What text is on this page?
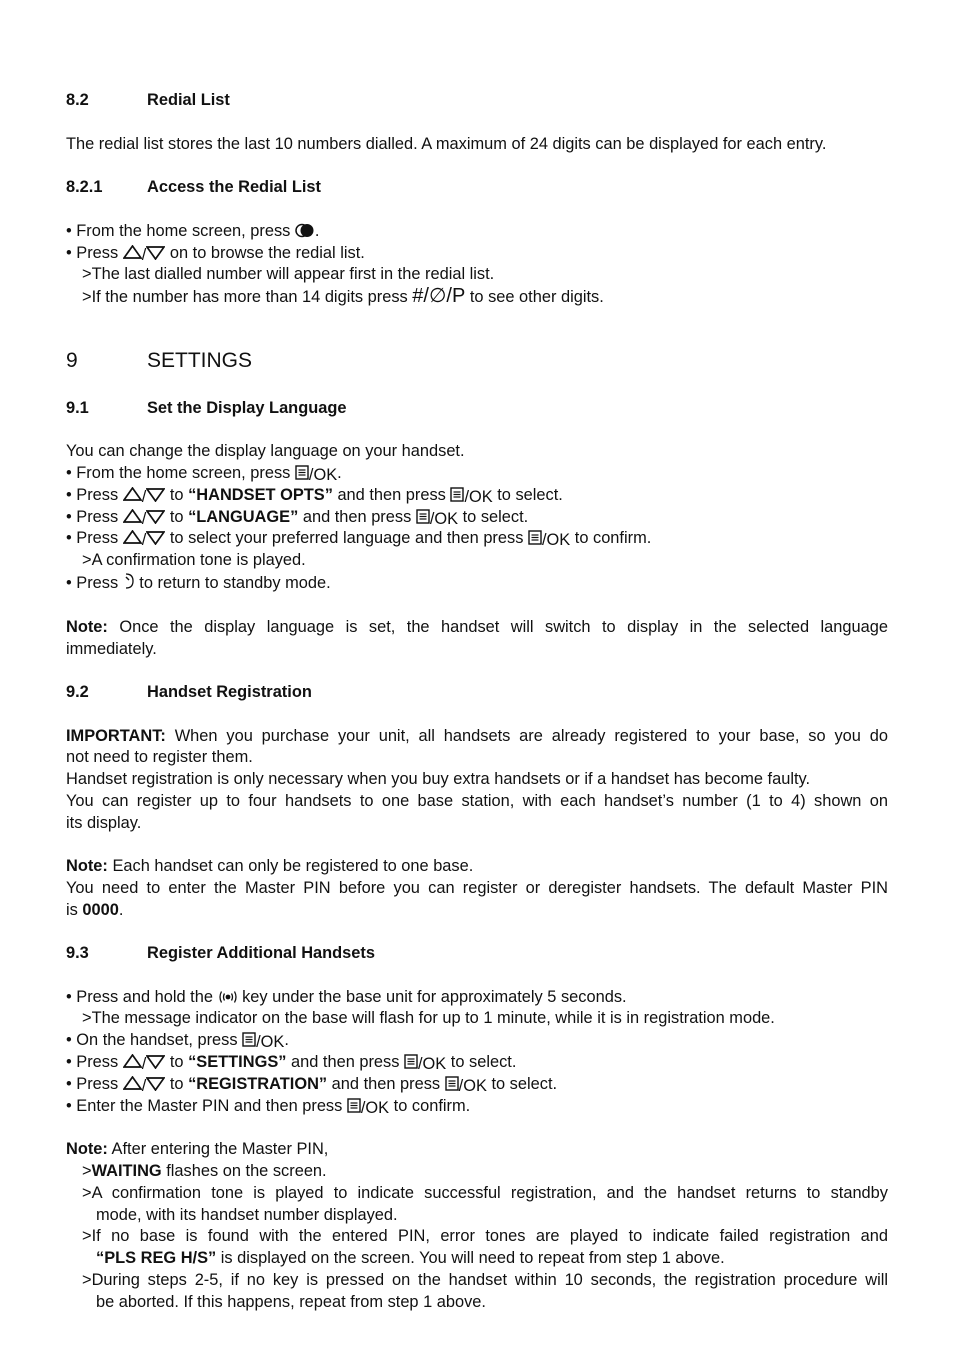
8.2	Redial List
The redial list stores the last 10 numbers dialled. A maximum of 24 digits can be displayed for each entry.
8.2.1	Access the Redial List
• From the home screen, press .
• Press / on to browse the redial list.
>The last dialled number will appear first in the redial list.
>If the number has more than 14 digits press #/∅/P to see other digits.
9	SETTINGS
9.1	Set the Display Language
You can change the display language on your handset.
• From the home screen, press /OK.
• Press / to “HANDSET OPTS” and then press /OK to select.
• Press / to “LANGUAGE” and then press /OK to select.
• Press / to select your preferred language and then press /OK to confirm.
>A confirmation tone is played.
• Press  to return to standby mode.
Note: Once the display language is set, the handset will switch to display in the selected language
immediately.
9.2	Handset Registration
IMPORTANT: When you purchase your unit, all handsets are already registered to your base, so you do
not need to register them.
Handset registration is only necessary when you buy extra handsets or if a handset has become faulty.
You can register up to four handsets to one base station, with each handset’s number (1 to 4) shown on
its display.
Note: Each handset can only be registered to one base.
You need to enter the Master PIN before you can register or deregister handsets. The default Master PIN
is 0000.
9.3	Register Additional Handsets
• Press and hold the  key under the base unit for approximately 5 seconds.
>The message indicator on the base will flash for up to 1 minute, while it is in registration mode.
• On the handset, press /OK.
• Press / to “SETTINGS” and then press /OK to select.
• Press / to “REGISTRATION” and then press /OK to select.
• Enter the Master PIN and then press /OK to confirm.
Note: After entering the Master PIN,
>WAITING flashes on the screen.
>A confirmation tone is played to indicate successful registration, and the handset returns to standby
mode, with its handset number displayed.
>If no base is found with the entered PIN, error tones are played to indicate failed registration and
“PLS REG H/S” is displayed on the screen. You will need to repeat from step 1 above.
>During steps 2-5, if no key is pressed on the handset within 10 seconds, the registration procedure will
be aborted. If this happens, repeat from step 1 above.
